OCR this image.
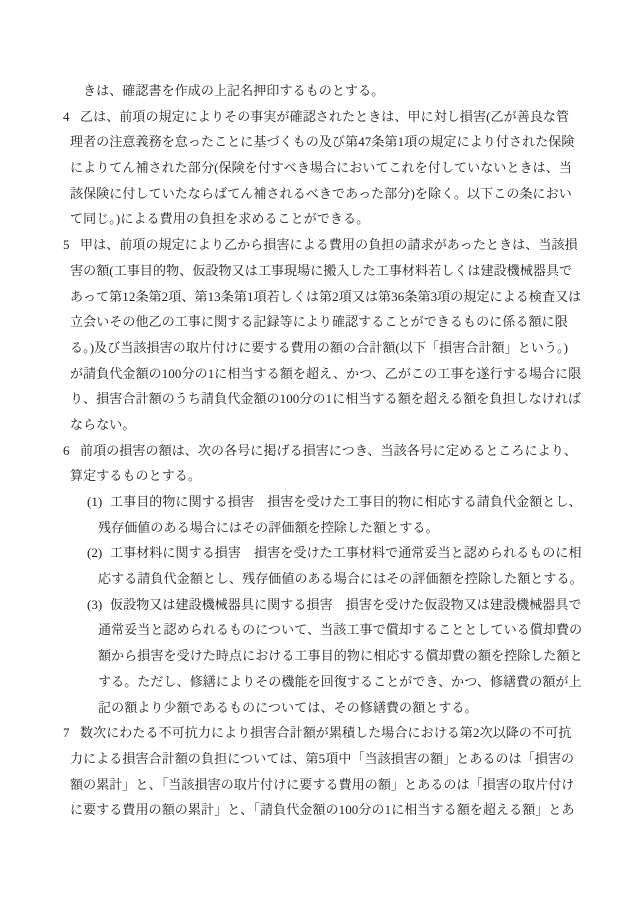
きは、確認書を作成の上記名押印するものとする。
4 乙は、前項の規定によりその事実が確認されたときは、甲に対し損害(乙が善良な管
理者の注意義務を怠ったことに基づくもの及び第47条第1項の規定により付された保険
によりてん補された部分(保険を付すべき場合においてこれを付していないときは、当
該保険に付していたならばてん補されるべきであった部分)を除く。以下この条におい
て同じ。)による費用の負担を求めることができる。
5 甲は、前項の規定により乙から損害による費用の負担の請求があったときは、当該損
害の額(工事目的物、仮設物又は工事現場に搬入した工事材料若しくは建設機械器具で
あって第12条第2項、第13条第1項若しくは第2項又は第36条第3項の規定による検査又は
立会いその他乙の工事に関する記録等により確認することができるものに係る額に限
る。)及び当該損害の取片付けに要する費用の額の合計額(以下「損害合計額」という。)
が請負代金額の100分の1に相当する額を超え、かつ、乙がこの工事を遂行する場合に限
り、損害合計額のうち請負代金額の100分の1に相当する額を超える額を負担しなければ
ならない。
6 前項の損害の額は、次の各号に掲げる損害につき、当該各号に定めるところにより、
算定するものとする。
(1) 工事目的物に関する損害　損害を受けた工事目的物に相応する請負代金額とし、
残存価値のある場合にはその評価額を控除した額とする。
(2) 工事材料に関する損害　損害を受けた工事材料で通常妥当と認められるものに相
応する請負代金額とし、残存価値のある場合にはその評価額を控除した額とする。
(3) 仮設物又は建設機械器具に関する損害　損害を受けた仮設物又は建設機械器具で
通常妥当と認められるものについて、当該工事で償却することとしている償却費の
額から損害を受けた時点における工事目的物に相応する償却費の額を控除した額と
する。ただし、修繕によりその機能を回復することができ、かつ、修繕費の額が上
記の額より少額であるものについては、その修繕費の額とする。
7 数次にわたる不可抗力により損害合計額が累積した場合における第2次以降の不可抗
力による損害合計額の負担については、第5項中「当該損害の額」とあるのは「損害の
額の累計」と、「当該損害の取片付けに要する費用の額」とあるのは「損害の取片付け
に要する費用の額の累計」と、「請負代金額の100分の1に相当する額を超える額」とあ
